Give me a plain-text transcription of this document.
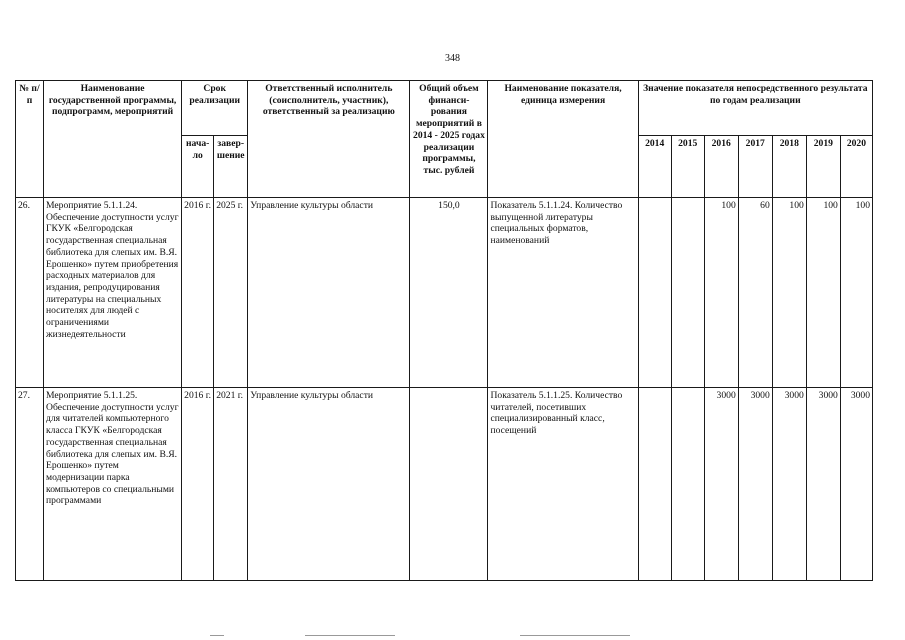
348
№ п/п	Наименование государственной программы, подпрограмм, мероприятий	Срок реализации		Ответственный исполнитель (соисполнитель, участник), ответственный за реализацию	Общий объем финанси-рования мероприятий в 2014 - 2025 годах реализации программы, тыс. рублей	Наименование показателя, единица измерения	Значение показателя непосредственного результата по годам реализации						
		нача-ло	завер-шение				2014	2015	2016	2017	2018	2019	2020
26.	Мероприятие 5.1.1.24. Обеспечение доступности услуг ГКУК «Белгородская государственная специальная библиотека для слепых им. В.Я. Ерошенко» путем приобретения расходных материалов для издания, репродуцирования литературы на специальных носителях для людей с ограничениями жизнедеятельности	2016 г.	2025 г.	Управление культуры области	150,0	Показатель 5.1.1.24. Количество выпущенной литературы специальных форматов, наименований			100	60	100	100	100
27.	Мероприятие 5.1.1.25. Обеспечение доступности услуг для читателей компьютерного класса ГКУК «Белгородская государственная специальная библиотека для слепых им. В.Я. Ерошенко» путем модернизации парка компьютеров со специальными программами	2016 г.	2021 г.	Управление культуры области		Показатель 5.1.1.25. Количество читателей, посетивших специализированный класс, посещений			3000	3000	3000	3000	3000
